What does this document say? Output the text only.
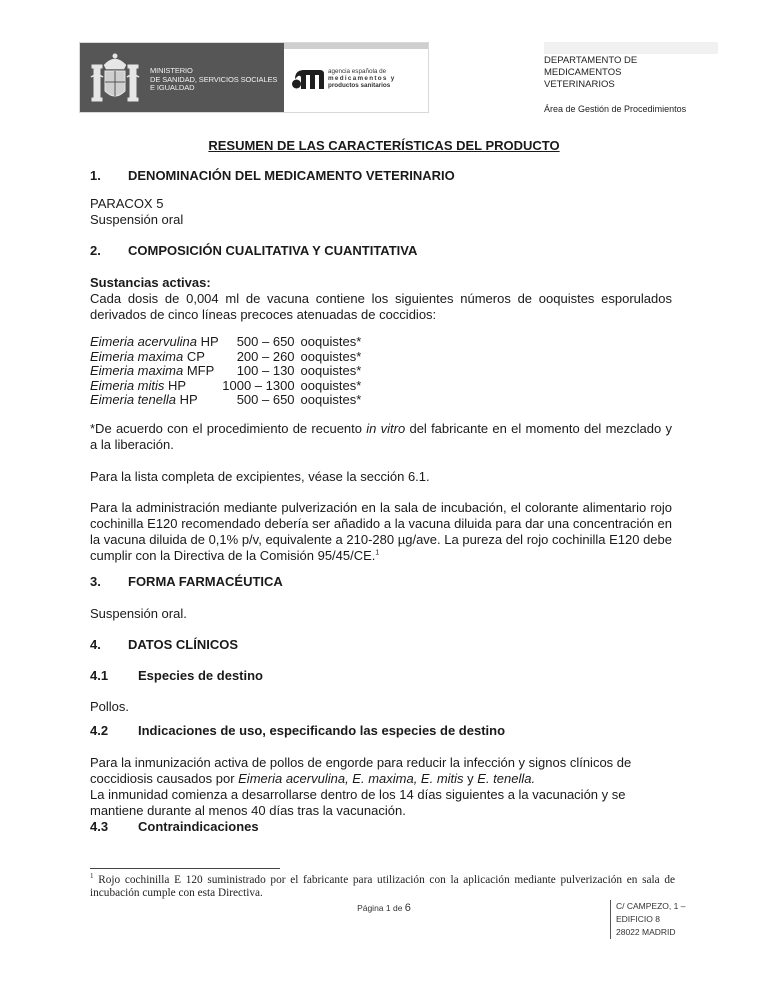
MINISTERIO
DE SANIDAD, SERVICIOS SOCIALES
E IGUALDAD
agencia española de
medicamentos y
productos sanitarios
DEPARTAMENTO DE
MEDICAMENTOS
VETERINARIOS
Área de Gestión de Procedimientos
RESUMEN DE LAS CARACTERÍSTICAS DEL PRODUCTO
1. DENOMINACIÓN DEL MEDICAMENTO VETERINARIO
PARACOX 5
Suspensión oral
2. COMPOSICIÓN CUALITATIVA Y CUANTITATIVA
Sustancias activas:
Cada dosis de 0,004 ml de vacuna contiene los siguientes números de ooquistes esporulados derivados de cinco líneas precoces atenuadas de coccidios:
Eimeria acervulina HP	500 – 650	ooquistes*
Eimeria maxima CP	200 – 260	ooquistes*
Eimeria maxima MFP	100 – 130	ooquistes*
Eimeria mitis HP	1000 – 1300	ooquistes*
Eimeria tenella HP	500 – 650	ooquistes*
*De acuerdo con el procedimiento de recuento in vitro del fabricante en el momento del mezclado y a la liberación.
Para la lista completa de excipientes, véase la sección 6.1.
Para la administración mediante pulverización en la sala de incubación, el colorante alimentario rojo cochinilla E120 recomendado debería ser añadido a la vacuna diluida para dar una concentración en la vacuna diluida de 0,1% p/v, equivalente a 210-280 µg/ave. La pureza del rojo cochinilla E120 debe cumplir con la Directiva de la Comisión 95/45/CE.$^1$
3. FORMA FARMACÉUTICA
Suspensión oral.
4. DATOS CLÍNICOS
4.1 Especies de destino
Pollos.
4.2 Indicaciones de uso, especificando las especies de destino
Para la inmunización activa de pollos de engorde para reducir la infección y signos clínicos de coccidiosis causados por Eimeria acervulina, E. maxima, E. mitis y E. tenella.
La inmunidad comienza a desarrollarse dentro de los 14 días siguientes a la vacunación y se mantiene durante al menos 40 días tras la vacunación.
4.3 Contraindicaciones
$^1$ Rojo cochinilla E 120 suministrado por el fabricante para utilización con la aplicación mediante pulverización en sala de incubación cumple con esta Directiva.
Página 1 de 6	C/ CAMPEZO, 1 –
EDIFICIO 8
28022 MADRID
